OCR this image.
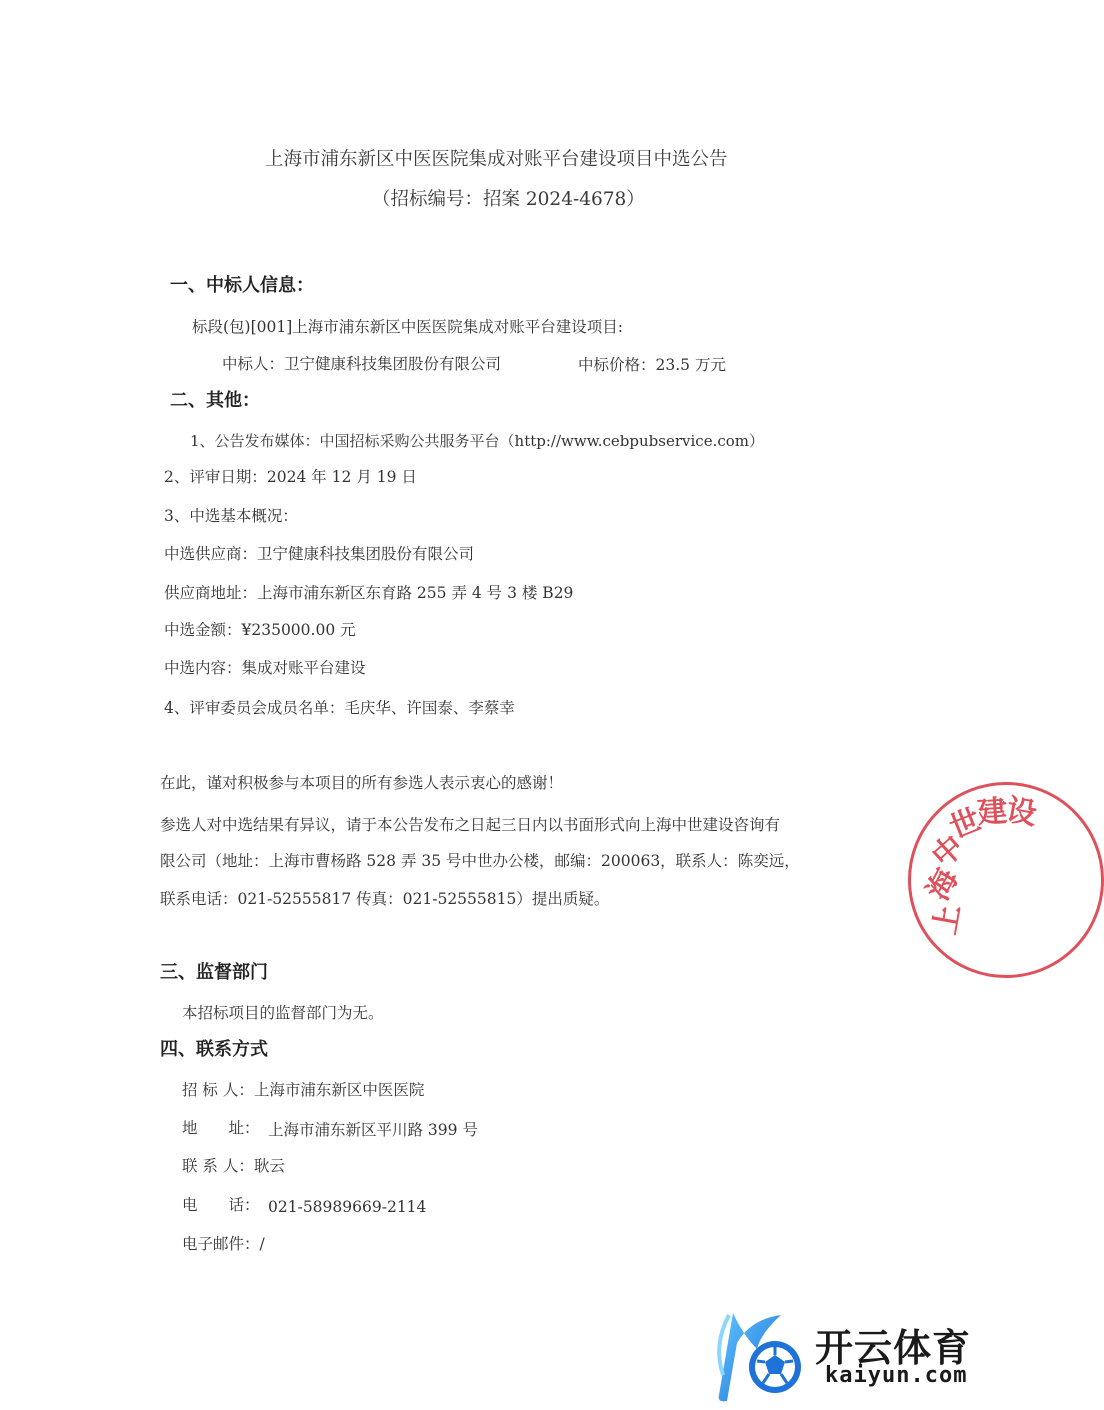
上海市浦东新区中医医院集成对账平台建设项目中选公告
（招标编号：招案 2024-4678）
一、中标人信息：
标段(包)[001]上海市浦东新区中医医院集成对账平台建设项目:
中标人：卫宁健康科技集团股份有限公司	中标价格：23.5 万元
二、其他：
1、公告发布媒体：中国招标采购公共服务平台（http://www.cebpubservice.com）
2、评审日期：2024 年 12 月 19 日
3、中选基本概况：
中选供应商：卫宁健康科技集团股份有限公司
供应商地址：上海市浦东新区东育路 255 弄 4 号 3 楼 B29
中选金额：¥235000.00 元
中选内容：集成对账平台建设
4、评审委员会成员名单：毛庆华、许国泰、李蔡幸
在此，谨对积极参与本项目的所有参选人表示衷心的感谢！
参选人对中选结果有异议，请于本公告发布之日起三日内以书面形式向上海中世建设咨询有
限公司（地址：上海市曹杨路 528 弄 35 号中世办公楼，邮编：200063，联系人：陈奕远，
联系电话：021-52555817 传真：021-52555815）提出质疑。
三、监督部门
本招标项目的监督部门为无。
四、联系方式
招 标 人：上海市浦东新区中医医院
地　　址： 上海市浦东新区平川路 399 号
联 系 人：耿云
电　　话： 021-58989669-2114
电子邮件：/
上
海
中
世
建
设
开云体育
kaiyun.com
